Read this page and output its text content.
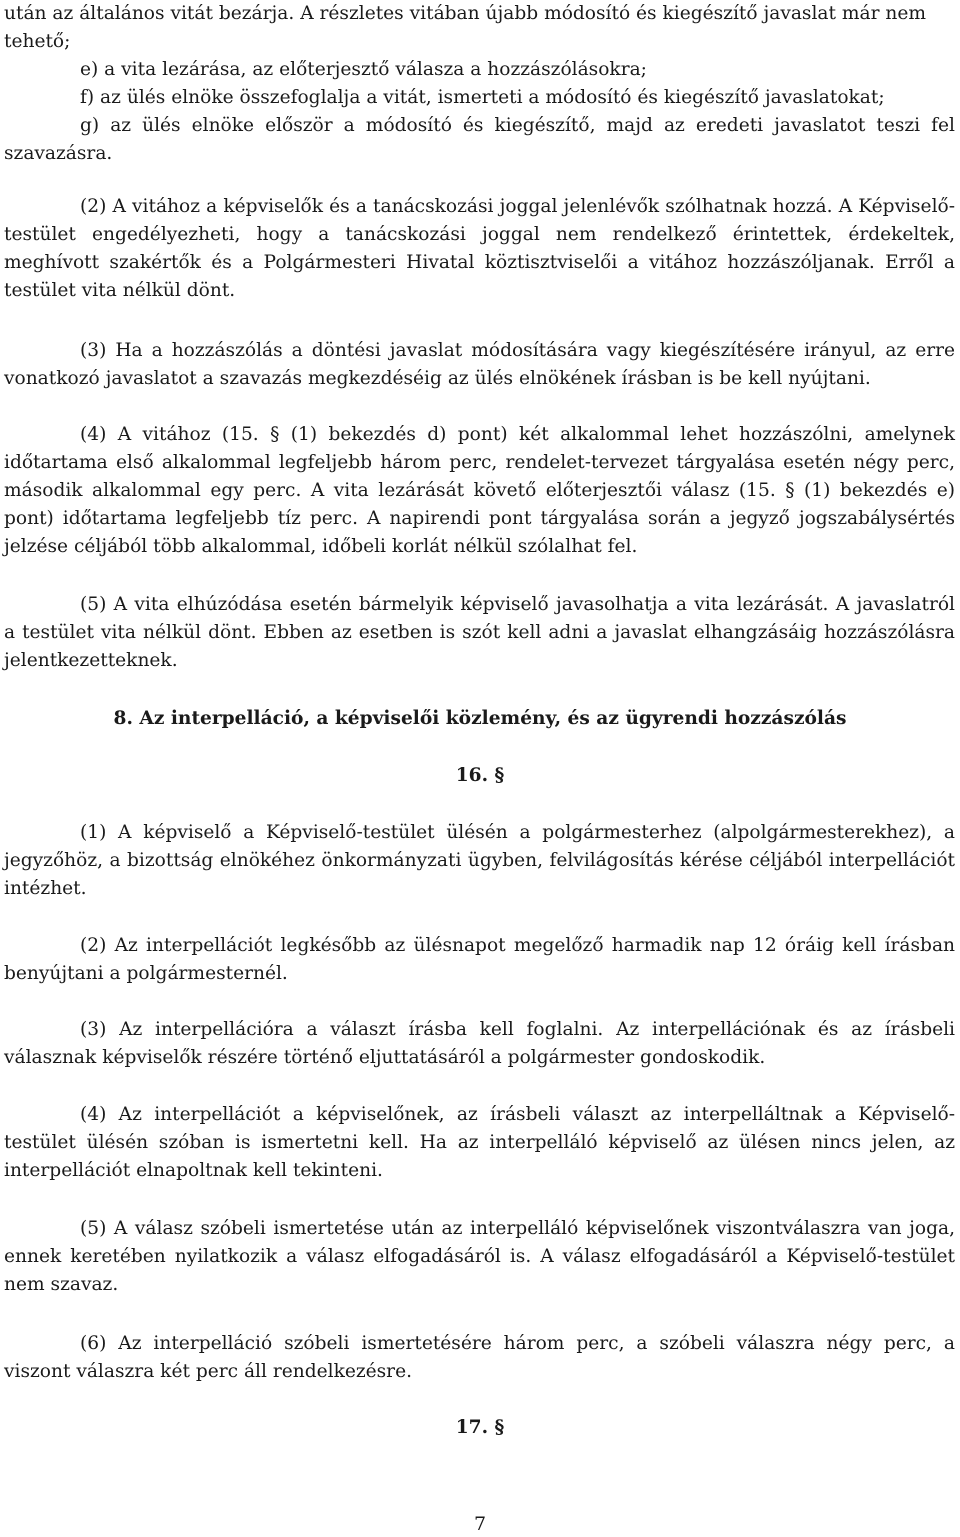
után az általános vitát bezárja. A részletes vitában újabb módosító és kiegészítő javaslat már nem

tehető;

e) a vita lezárása, az előterjesztő válasza a hozzászólásokra;

f) az ülés elnöke összefoglalja a vitát, ismerteti a módosító és kiegészítő javaslatokat;

g) az ülés elnöke először a módosító és kiegészítő, majd az eredeti javaslatot teszi fel szavazásra.

(2) A vitához a képviselők és a tanácskozási joggal jelenlévők szólhatnak hozzá. A Képviselő-testület engedélyezheti, hogy a tanácskozási joggal nem rendelkező érintettek, érdekeltek, meghívott szakértők és a Polgármesteri Hivatal köztisztviselői a vitához hozzászóljanak. Erről a testület vita nélkül dönt.

(3) Ha a hozzászólás a döntési javaslat módosítására vagy kiegészítésére irányul, az erre vonatkozó javaslatot a szavazás megkezdéséig az ülés elnökének írásban is be kell nyújtani.

(4) A vitához (15. § (1) bekezdés d) pont) két alkalommal lehet hozzászólni, amelynek időtartama első alkalommal legfeljebb három perc, rendelet-tervezet tárgyalása esetén négy perc, második alkalommal egy perc. A vita lezárását követő előterjesztői válasz (15. § (1) bekezdés e) pont) időtartama legfeljebb tíz perc. A napirendi pont tárgyalása során a jegyző jogszabálysértés jelzése céljából több alkalommal, időbeli korlát nélkül szólalhat fel.

(5) A vita elhúzódása esetén bármelyik képviselő javasolhatja a vita lezárását. A javaslatról a testület vita nélkül dönt. Ebben az esetben is szót kell adni a javaslat elhangzásáig hozzászólásra jelentkezetteknek.

8. Az interpelláció, a képviselői közlemény, és az ügyrendi hozzászólás
16. §

(1) A képviselő a Képviselő-testület ülésén a polgármesterhez (alpolgármesterekhez), a jegyzőhöz, a bizottság elnökéhez önkormányzati ügyben, felvilágosítás kérése céljából interpellációt intézhet.

(2) Az interpellációt legkésőbb az ülésnapot megelőző harmadik nap 12 óráig kell írásban benyújtani a polgármesternél.

(3) Az interpellációra a választ írásba kell foglalni. Az interpellációnak és az írásbeli válasznak képviselők részére történő eljuttatásáról a polgármester gondoskodik.

(4) Az interpellációt a képviselőnek, az írásbeli választ az interpelláltnak a Képviselő-testület ülésén szóban is ismertetni kell. Ha az interpelláló képviselő az ülésen nincs jelen, az interpellációt elnapoltnak kell tekinteni.

(5) A válasz szóbeli ismertetése után az interpelláló képviselőnek viszontválaszra van joga, ennek keretében nyilatkozik a válasz elfogadásáról is. A válasz elfogadásáról a Képviselő-testület nem szavaz.

(6) Az interpelláció szóbeli ismertetésére három perc, a szóbeli válaszra négy perc, a viszont válaszra két perc áll rendelkezésre.

17. §
7
